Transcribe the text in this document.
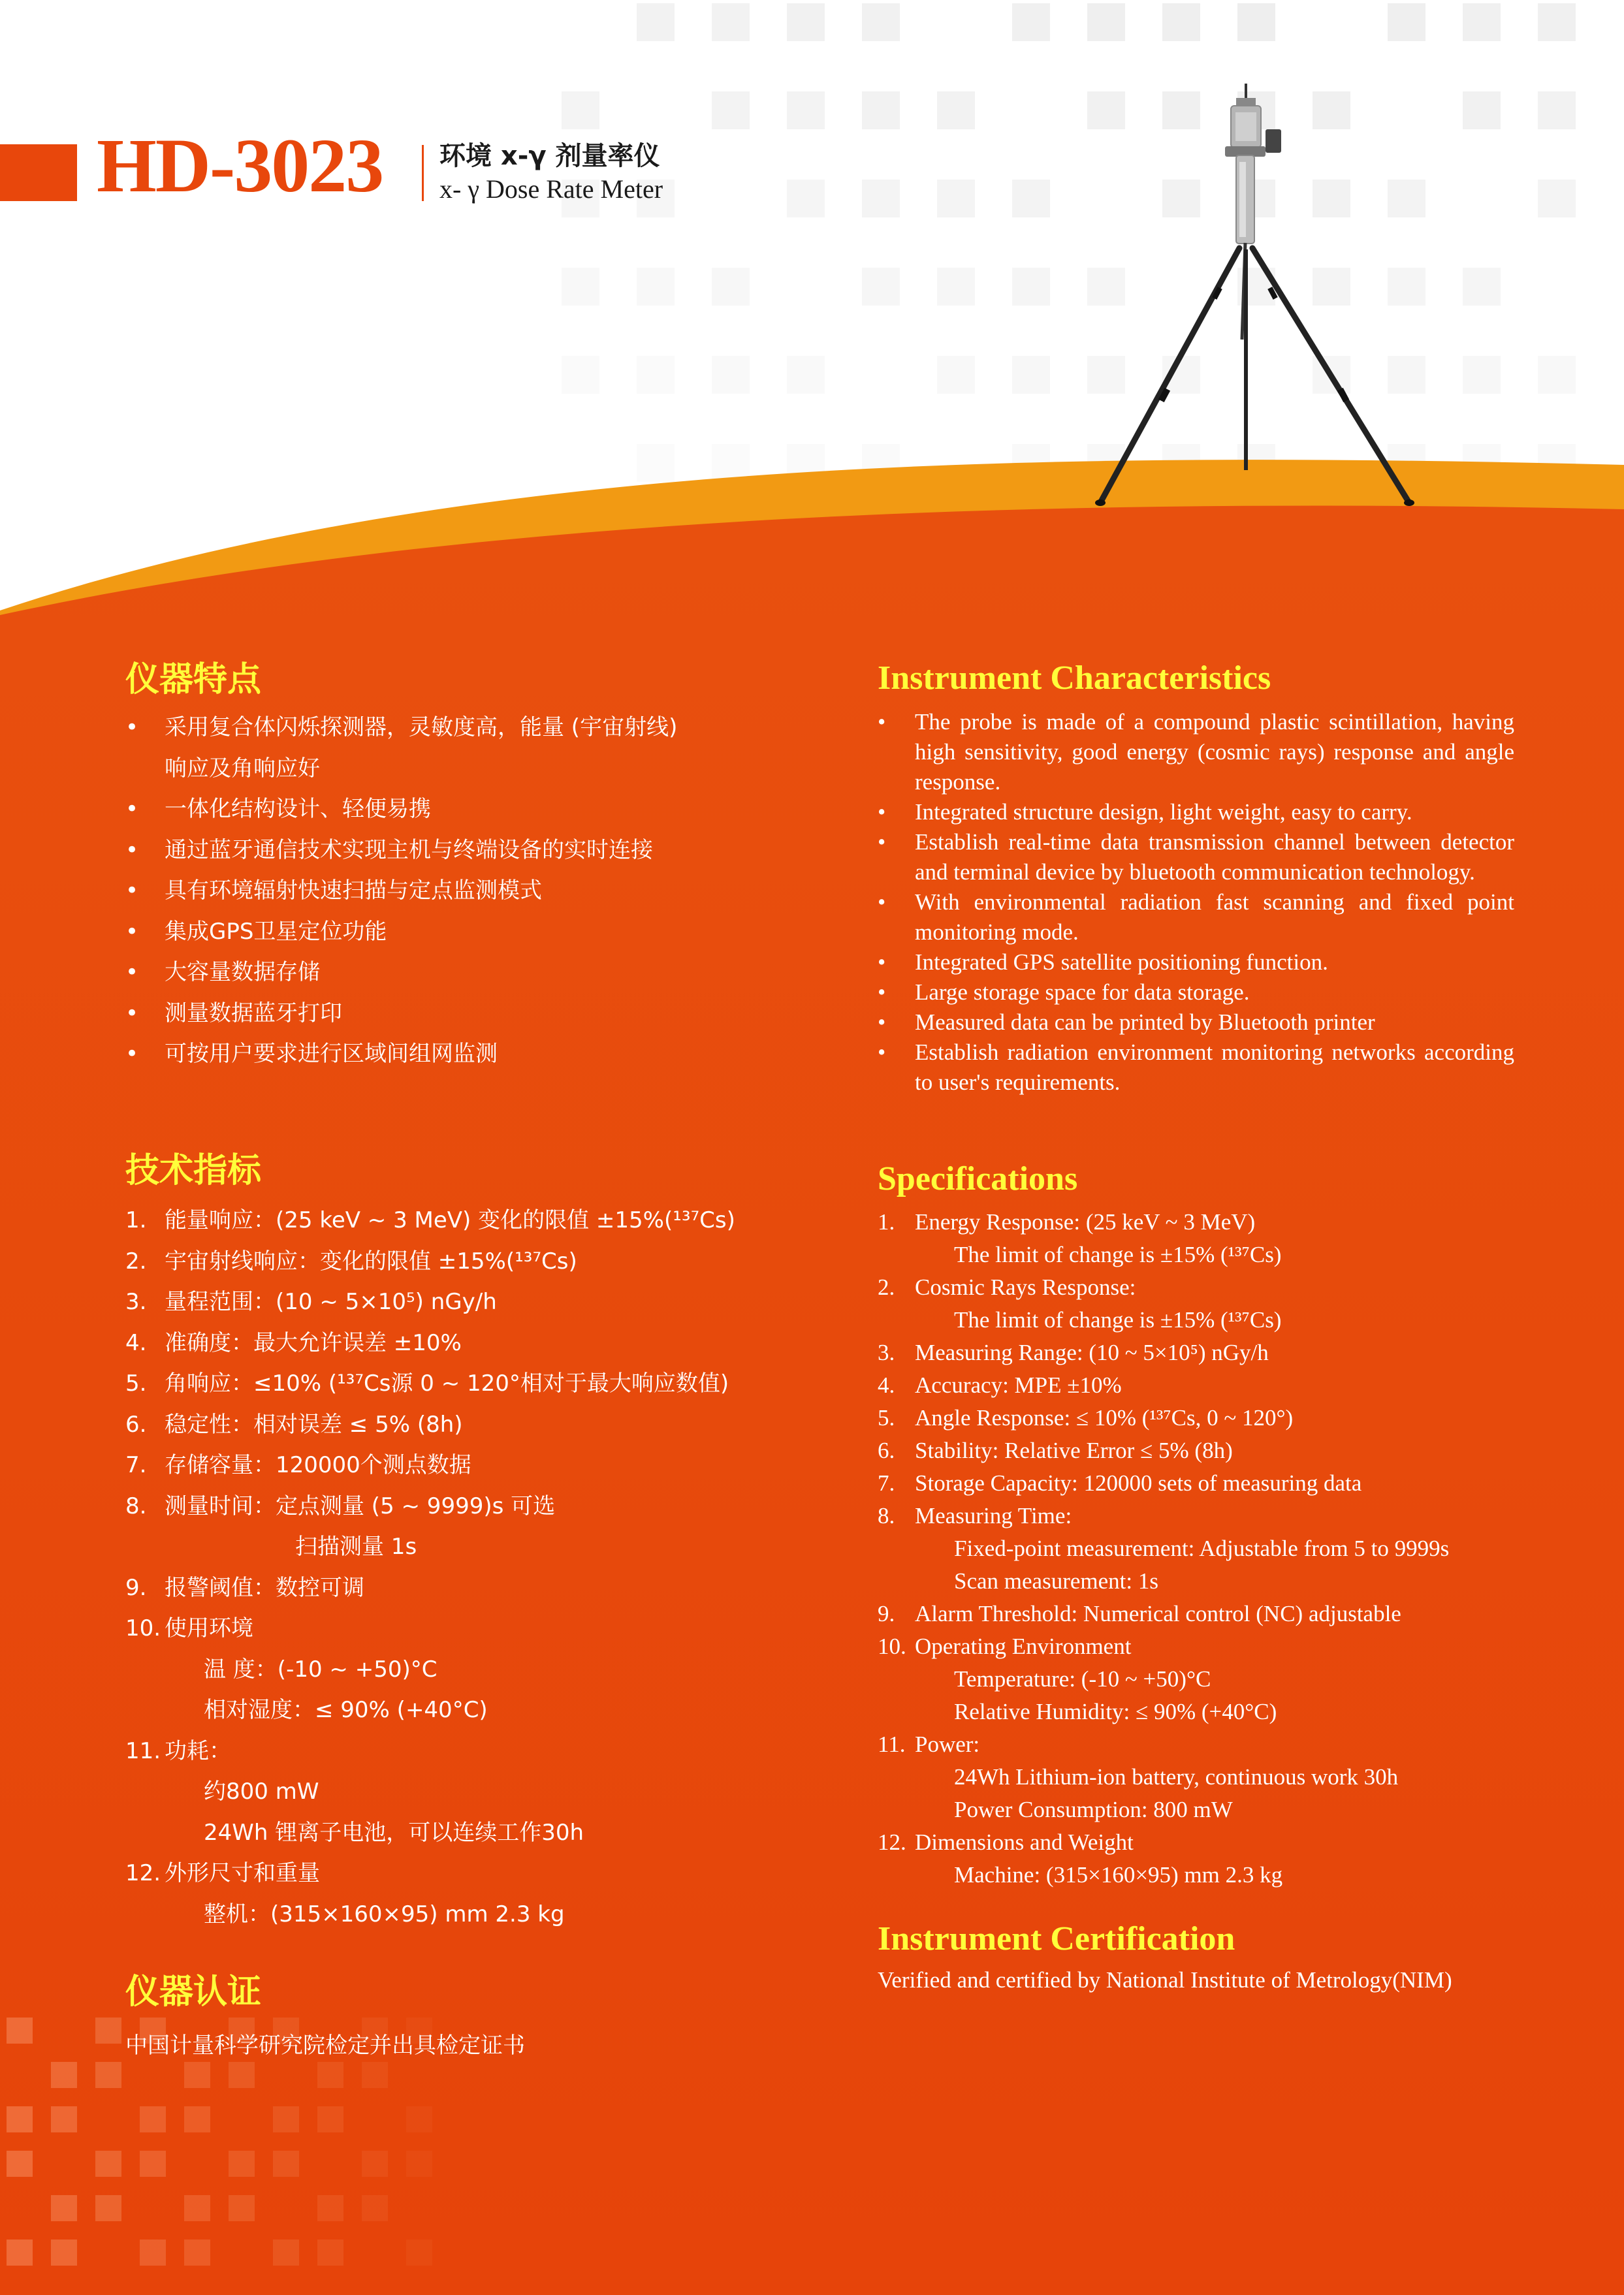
HD-3023 环境 x-γ 剂量率仪
x- γ Dose Rate Meter
仪器特点
• 采用复合体闪烁探测器，灵敏度高，能量 (宇宙射线)
响应及角响应好
• 一体化结构设计、轻便易携
• 通过蓝牙通信技术实现主机与终端设备的实时连接
• 具有环境辐射快速扫描与定点监测模式
• 集成GPS卫星定位功能
• 大容量数据存储
• 测量数据蓝牙打印
• 可按用户要求进行区域间组网监测
技术指标
1. 能量响应：(25 keV ~ 3 MeV) 变化的限值 ±15%(¹³⁷Cs)
2. 宇宙射线响应：变化的限值 ±15%(¹³⁷Cs)
3. 量程范围：(10 ~ 5×10⁵) nGy/h
4. 准确度：最大允许误差 ±10%
5. 角响应：≤10% (¹³⁷Cs源 0 ~ 120°相对于最大响应数值)
6. 稳定性：相对误差 ≤ 5% (8h)
7. 存储容量：120000个测点数据
8. 测量时间：定点测量 (5 ~ 9999)s 可选
扫描测量 1s
9. 报警阈值：数控可调
10. 使用环境
温 度：(-10 ~ +50)°C
相对湿度：≤ 90% (+40°C)
11. 功耗：
约800 mW
24Wh 锂离子电池，可以连续工作30h
12. 外形尺寸和重量
整机：(315×160×95) mm 2.3 kg
仪器认证
中国计量科学研究院检定并出具检定证书
Instrument Characteristics
• The probe is made of a compound plastic scintillation, having high sensitivity, good energy (cosmic rays) response and angle response.
• Integrated structure design, light weight, easy to carry.
• Establish real-time data transmission channel between detector and terminal device by bluetooth communication technology.
• With environmental radiation fast scanning and fixed point monitoring mode.
• Integrated GPS satellite positioning function.
• Large storage space for data storage.
• Measured data can be printed by Bluetooth printer
• Establish radiation environment monitoring networks according to user's requirements.
Specifications
1. Energy Response: (25 keV ~ 3 MeV)
The limit of change is ±15% (¹³⁷Cs)
2. Cosmic Rays Response:
The limit of change is ±15% (¹³⁷Cs)
3. Measuring Range: (10 ~ 5×10⁵) nGy/h
4. Accuracy: MPE ±10%
5. Angle Response: ≤ 10% (¹³⁷Cs, 0 ~ 120°)
6. Stability: Relative Error ≤ 5% (8h)
7. Storage Capacity: 120000 sets of measuring data
8. Measuring Time:
Fixed-point measurement: Adjustable from 5 to 9999s
Scan measurement: 1s
9. Alarm Threshold: Numerical control (NC) adjustable
10. Operating Environment
Temperature: (-10 ~ +50)°C
Relative Humidity: ≤ 90% (+40°C)
11. Power:
24Wh Lithium-ion battery, continuous work 30h
Power Consumption: 800 mW
12. Dimensions and Weight
Machine: (315×160×95) mm 2.3 kg
Instrument Certification
Verified and certified by National Institute of Metrology(NIM)
